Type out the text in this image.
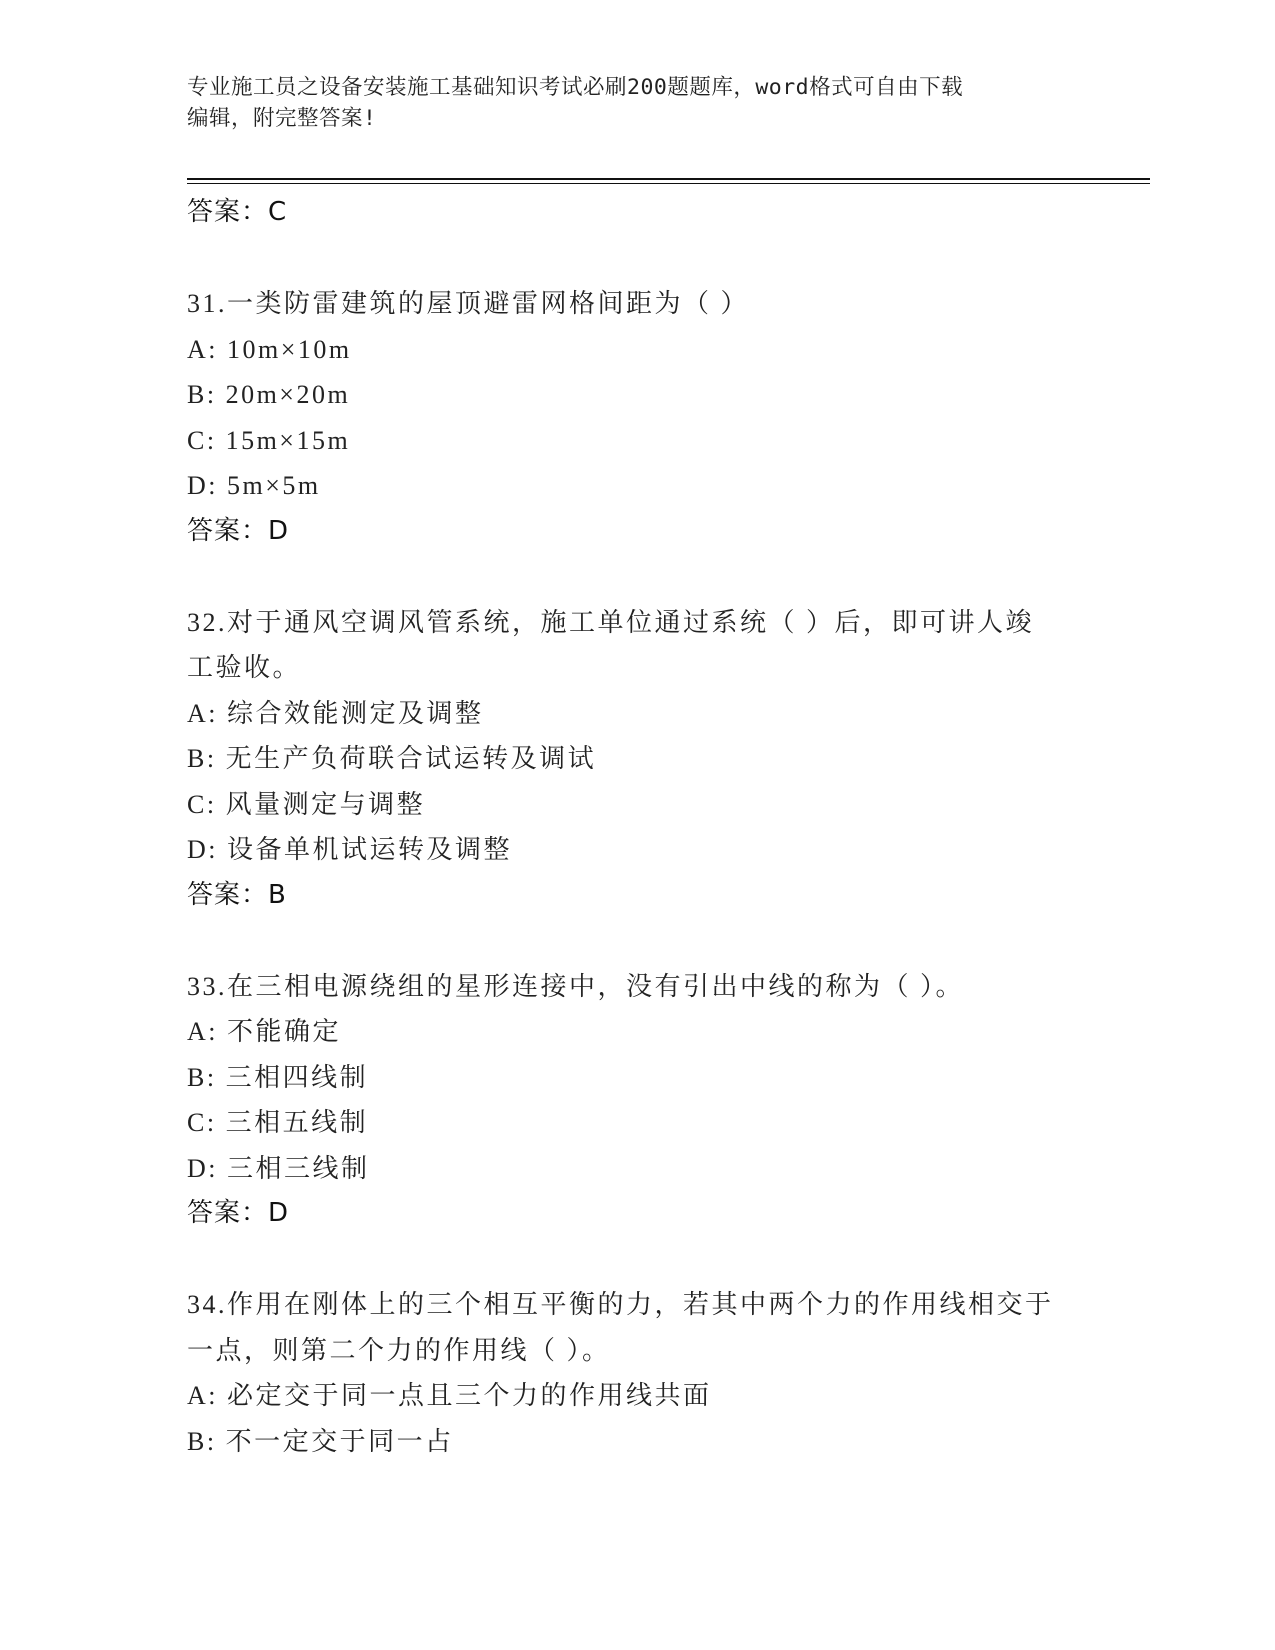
专业施工员之设备安装施工基础知识考试必刷200题题库，word格式可自由下载
编辑，附完整答案!
答案：C
31.一类防雷建筑的屋顶避雷网格间距为（ ）
A: 10m×10m
B: 20m×20m
C: 15m×15m
D: 5m×5m
答案：D
32.对于通风空调风管系统，施工单位通过系统（ ）后，即可讲人竣
工验收。
A: 综合效能测定及调整
B: 无生产负荷联合试运转及调试
C: 风量测定与调整
D: 设备单机试运转及调整
答案：B
33.在三相电源绕组的星形连接中，没有引出中线的称为（ ）。
A: 不能确定
B: 三相四线制
C: 三相五线制
D: 三相三线制
答案：D
34.作用在刚体上的三个相互平衡的力，若其中两个力的作用线相交于
一点，则第二个力的作用线（ ）。
A: 必定交于同一点且三个力的作用线共面
B: 不一定交于同一占
